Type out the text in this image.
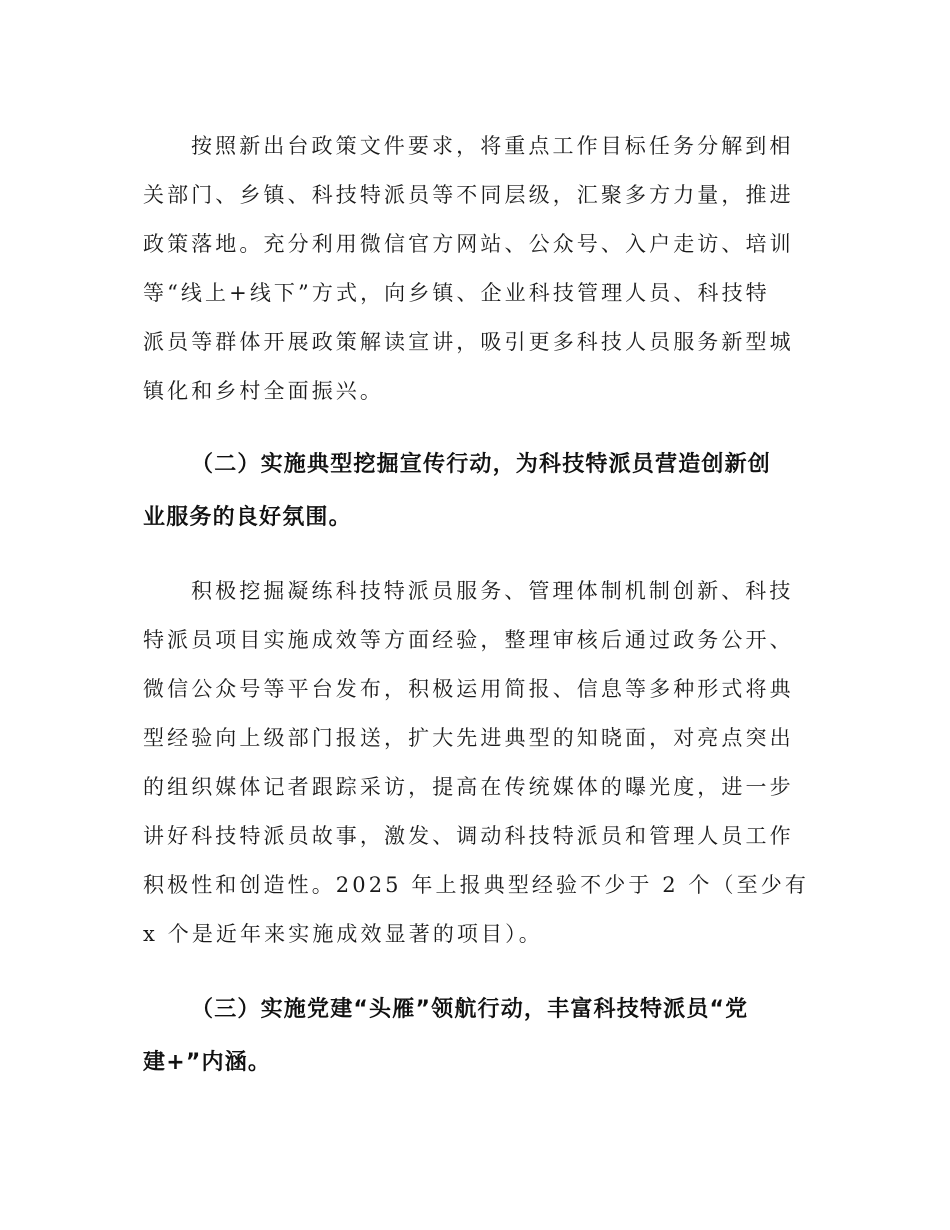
按照新出台政策文件要求，将重点工作目标任务分解到相
关部门、乡镇、科技特派员等不同层级，汇聚多方力量，推进
政策落地。充分利用微信官方网站、公众号、入户走访、培训
等“线上+线下”方式，向乡镇、企业科技管理人员、科技特
派员等群体开展政策解读宣讲，吸引更多科技人员服务新型城
镇化和乡村全面振兴。
（二）实施典型挖掘宣传行动，为科技特派员营造创新创
业服务的良好氛围。
积极挖掘凝练科技特派员服务、管理体制机制创新、科技
特派员项目实施成效等方面经验，整理审核后通过政务公开、
微信公众号等平台发布，积极运用简报、信息等多种形式将典
型经验向上级部门报送，扩大先进典型的知晓面，对亮点突出
的组织媒体记者跟踪采访，提高在传统媒体的曝光度，进一步
讲好科技特派员故事，激发、调动科技特派员和管理人员工作
积极性和创造性。2025 年上报典型经验不少于 2 个（至少有
x 个是近年来实施成效显著的项目）。
（三）实施党建“头雁”领航行动，丰富科技特派员“党
建+”内涵。
